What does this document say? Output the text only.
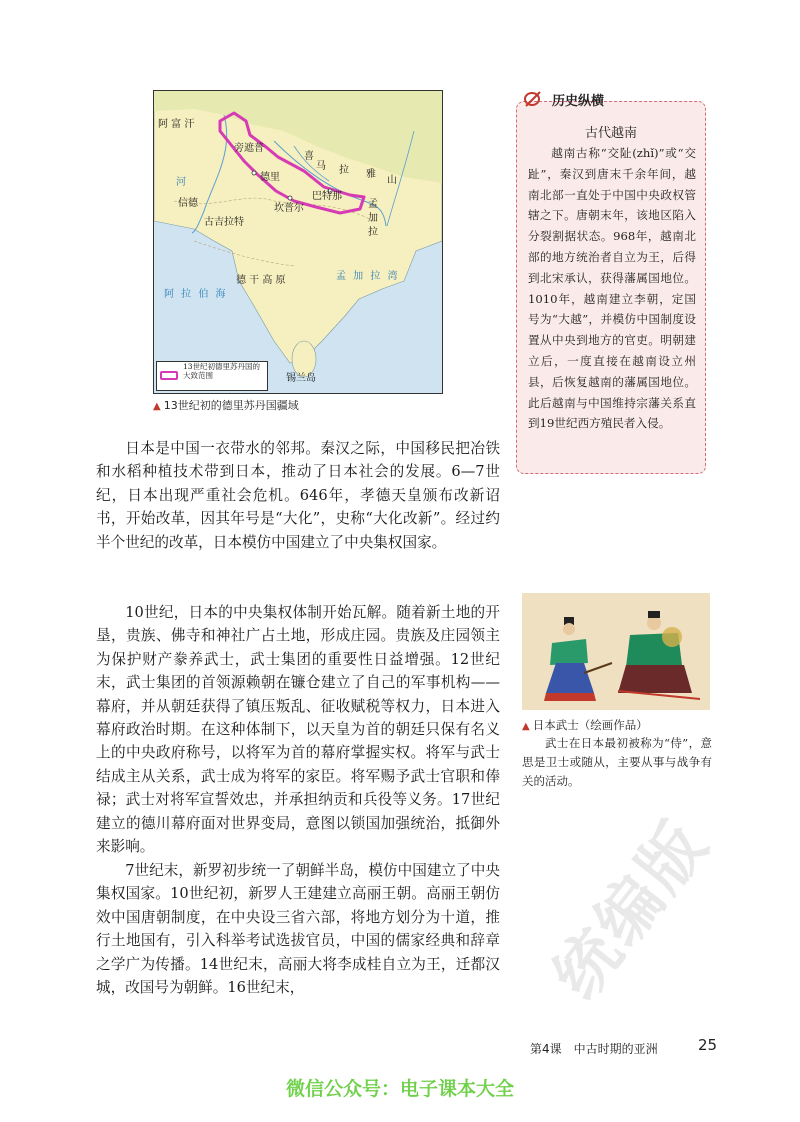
阿 富 汗
旁遮普
喜
马 拉 雅
山
德里
信德
古吉拉特
坎普尔
巴特那
孟
加
拉
德 干 高 原
阿 拉 伯 海
孟 加 拉 湾
锡兰岛
河
13世纪初德里苏丹国的大致范围
▲ 13世纪初的德里苏丹国疆域
历史纵横
古代越南
越南古称“交阯(zhǐ)”或“交趾”，秦汉到唐末千余年间，越南北部一直处于中国中央政权管辖之下。唐朝末年，该地区陷入分裂割据状态。968年，越南北部的地方统治者自立为王，后得到北宋承认，获得藩属国地位。1010年，越南建立李朝，定国号为“大越”，并模仿中国制度设置从中央到地方的官吏。明朝建立后，一度直接在越南设立州县，后恢复越南的藩属国地位。此后越南与中国维持宗藩关系直到19世纪西方殖民者入侵。

日本是中国一衣带水的邻邦。秦汉之际，中国移民把冶铁和水稻种植技术带到日本，推动了日本社会的发展。6—7世纪，日本出现严重社会危机。646年，孝德天皇颁布改新诏书，开始改革，因其年号是“大化”，史称“大化改新”。经过约半个世纪的改革，日本模仿中国建立了中央集权国家。

10世纪，日本的中央集权体制开始瓦解。随着新土地的开垦，贵族、佛寺和神社广占土地，形成庄园。贵族及庄园领主为保护财产豢养武士，武士集团的重要性日益增强。12世纪末，武士集团的首领源赖朝在镰仓建立了自己的军事机构——幕府，并从朝廷获得了镇压叛乱、征收赋税等权力，日本进入幕府政治时期。在这种体制下，以天皇为首的朝廷只保有名义上的中央政府称号，以将军为首的幕府掌握实权。将军与武士结成主从关系，武士成为将军的家臣。将军赐予武士官职和俸禄；武士对将军宣誓效忠，并承担纳贡和兵役等义务。17世纪建立的德川幕府面对世界变局，意图以锁国加强统治，抵御外来影响。

7世纪末，新罗初步统一了朝鲜半岛，模仿中国建立了中央集权国家。10世纪初，新罗人王建建立高丽王朝。高丽王朝仿效中国唐朝制度，在中央设三省六部，将地方划分为十道，推行土地国有，引入科举考试选拔官员，中国的儒家经典和辞章之学广为传播。14世纪末，高丽大将李成桂自立为王，迁都汉城，改国号为朝鲜。16世纪末，

▲ 日本武士（绘画作品）
武士在日本最初被称为“侍”，意思是卫士或随从，主要从事与战争有关的活动。
统编版
第4课　中古时期的亚洲	25
微信公众号：电子课本大全
